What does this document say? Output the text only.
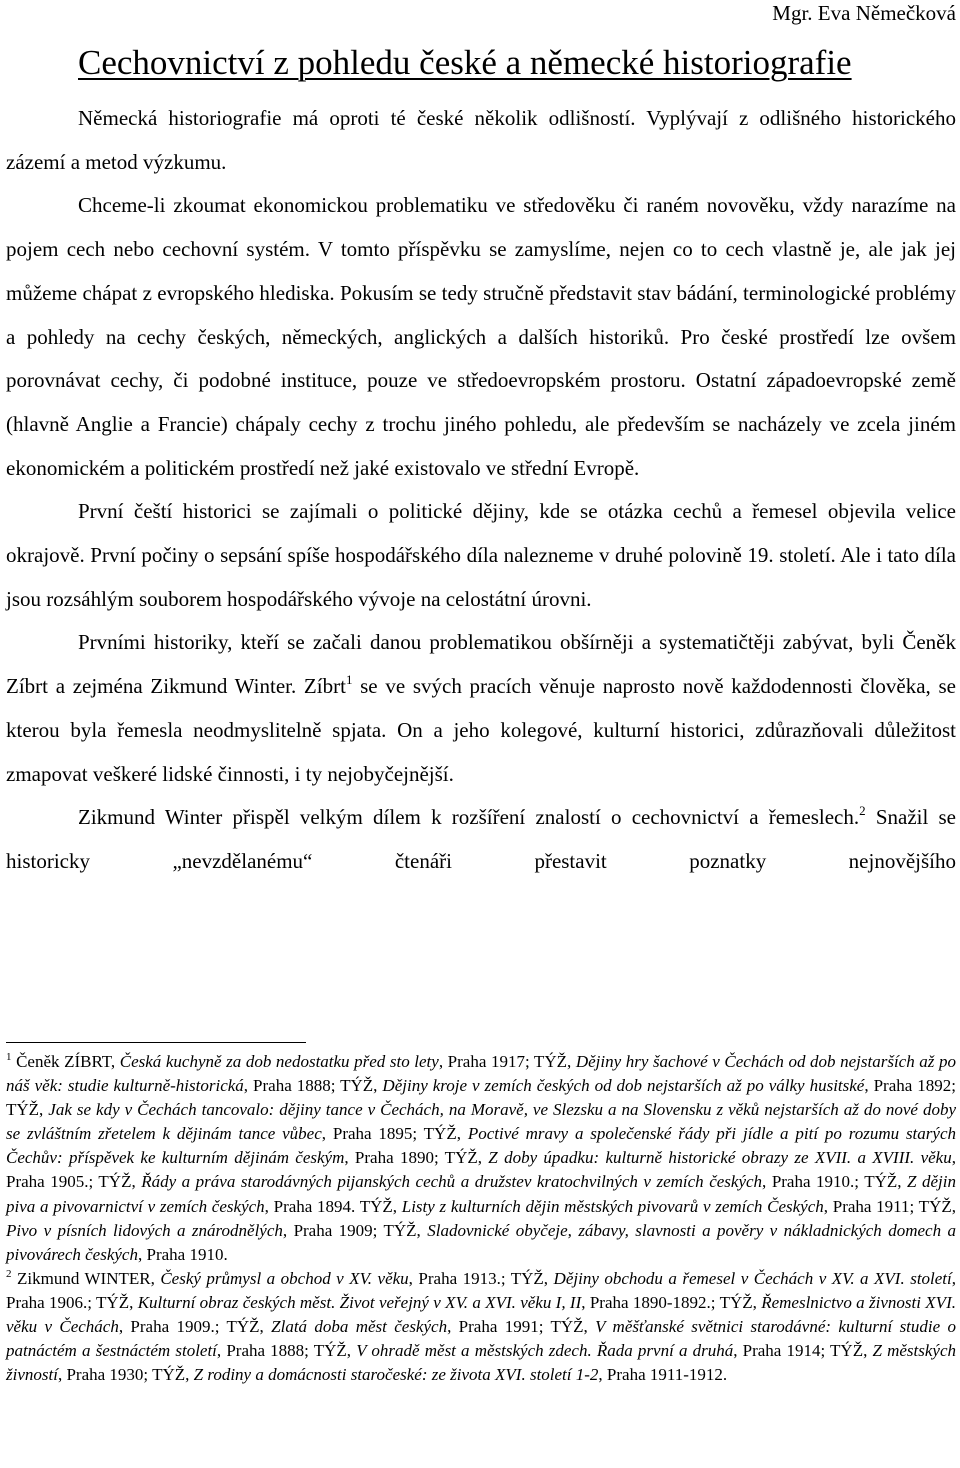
Mgr. Eva Němečková
Cechovnictví z pohledu české a německé historiografie

Německá historiografie má oproti té české několik odlišností. Vyplývají z odlišného historického zázemí a metod výzkumu.

Chceme-li zkoumat ekonomickou problematiku ve středověku či raném novověku, vždy narazíme na pojem cech nebo cechovní systém. V tomto příspěvku se zamyslíme, nejen co to cech vlastně je, ale jak jej můžeme chápat z evropského hlediska. Pokusím se tedy stručně představit stav bádání, terminologické problémy a pohledy na cechy českých, německých, anglických a dalších historiků. Pro české prostředí lze ovšem porovnávat cechy, či podobné instituce, pouze ve středoevropském prostoru. Ostatní západoevropské země (hlavně Anglie a Francie) chápaly cechy z trochu jiného pohledu, ale především se nacházely ve zcela jiném ekonomickém a politickém prostředí než jaké existovalo ve střední Evropě.

První čeští historici se zajímali o politické dějiny, kde se otázka cechů a řemesel objevila velice okrajově. První počiny o sepsání spíše hospodářského díla nalezneme v druhé polovině 19. století. Ale i tato díla jsou rozsáhlým souborem hospodářského vývoje na celostátní úrovni.

Prvními historiky, kteří se začali danou problematikou obšírněji a systematičtěji zabývat, byli Čeněk Zíbrt a zejména Zikmund Winter. Zíbrt$^1$ se ve svých pracích věnuje naprosto nově každodennosti člověka, se kterou byla řemesla neodmyslitelně spjata. On a jeho kolegové, kulturní historici, zdůrazňovali důležitost zmapovat veškeré lidské činnosti, i ty nejobyčejnější.

Zikmund Winter přispěl velkým dílem k rozšíření znalostí o cechovnictví a řemeslech.$^2$ Snažil se historicky „nevzdělanému“ čtenáři přestavit poznatky nejnovějšího

$^1$ Čeněk ZÍBRT, Česká kuchyně za dob nedostatku před sto lety, Praha 1917; TÝŽ, Dějiny hry šachové v Čechách od dob nejstarších až po náš věk: studie kulturně-historická, Praha 1888; TÝŽ, Dějiny kroje v zemích českých od dob nejstarších až po války husitské, Praha 1892; TÝŽ, Jak se kdy v Čechách tancovalo: dějiny tance v Čechách, na Moravě, ve Slezsku a na Slovensku z věků nejstarších až do nové doby se zvláštním zřetelem k dějinám tance vůbec, Praha 1895; TÝŽ, Poctivé mravy a společenské řády při jídle a pití po rozumu starých Čechův: příspěvek ke kulturním dějinám českým, Praha 1890; TÝŽ, Z doby úpadku: kulturně historické obrazy ze XVII. a XVIII. věku, Praha 1905.; TÝŽ, Řády a práva starodávných pijanských cechů a družstev kratochvilných v zemích českých, Praha 1910.; TÝŽ, Z dějin piva a pivovarnictví v zemích českých, Praha 1894. TÝŽ, Listy z kulturních dějin městských pivovarů v zemích Českých, Praha 1911; TÝŽ, Pivo v písních lidových a znárodnělých, Praha 1909; TÝŽ, Sladovnické obyčeje, zábavy, slavnosti a pověry v nákladnických domech a pivovárech českých, Praha 1910.

$^2$ Zikmund WINTER, Český průmysl a obchod v XV. věku, Praha 1913.; TÝŽ, Dějiny obchodu a řemesel v Čechách v XV. a XVI. století, Praha 1906.; TÝŽ, Kulturní obraz českých měst. Život veřejný v XV. a XVI. věku I, II, Praha 1890-1892.; TÝŽ, Řemeslnictvo a živnosti XVI. věku v Čechách, Praha 1909.; TÝŽ, Zlatá doba měst českých, Praha 1991; TÝŽ, V měšťanské světnici starodávné: kulturní studie o patnáctém a šestnáctém století, Praha 1888; TÝŽ, V ohradě měst a městských zdech. Řada první a druhá, Praha 1914; TÝŽ, Z městských živností, Praha 1930; TÝŽ, Z rodiny a domácnosti staročeské: ze života XVI. století 1-2, Praha 1911-1912.
